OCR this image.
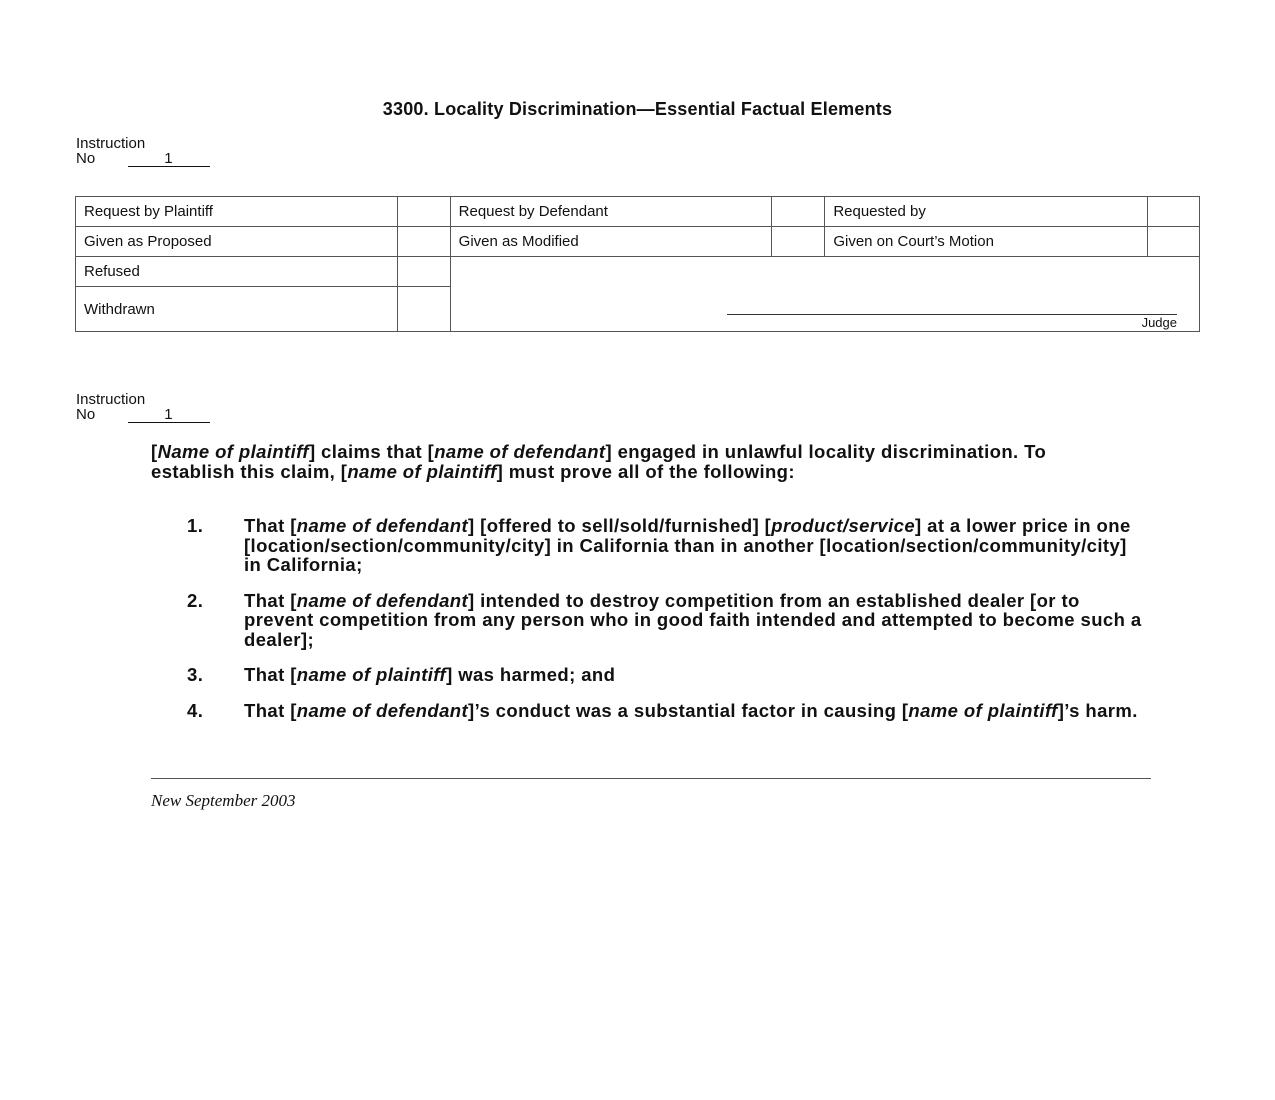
3300. Locality Discrimination—Essential Factual Elements
Instruction
No	1
Request by Plaintiff		Request by Defendant		Requested by	
Given as Proposed		Given as Modified		Given on Court’s Motion	
Refused		Judge			

Withdrawn					
Instruction
No	1
[Name of plaintiff] claims that [name of defendant] engaged in unlawful locality discrimination. To establish this claim, [name of plaintiff] must prove all of the following:
1.	That [name of defendant] [offered to sell/sold/furnished] [product/service] at a lower price in one [location/section/community/city] in California than in another [location/section/community/city] in California;
2.	That [name of defendant] intended to destroy competition from an established dealer [or to prevent competition from any person who in good faith intended and attempted to become such a dealer];
3.	That [name of plaintiff] was harmed; and
4.	That [name of defendant]’s conduct was a substantial factor in causing [name of plaintiff]’s harm.
New September 2003
